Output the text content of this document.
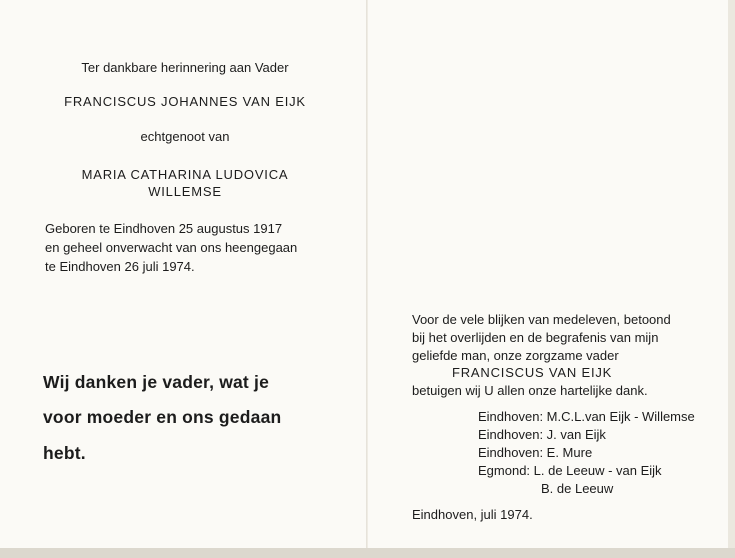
Ter dankbare herinnering aan Vader
FRANCISCUS JOHANNES VAN EIJK
echtgenoot van
MARIA CATHARINA LUDOVICA
WILLEMSE
Geboren te Eindhoven 25 augustus 1917
en geheel onverwacht van ons heengegaan
te Eindhoven 26 juli 1974.
Wij danken je vader, wat je
voor moeder en ons gedaan
hebt.
Voor de vele blijken van medeleven, betoond
bij het overlijden en de begrafenis van mijn
geliefde man, onze zorgzame vader
FRANCISCUS VAN EIJK
betuigen wij U allen onze hartelijke dank.
Eindhoven: M.C.L.van Eijk - Willemse
Eindhoven: J. van Eijk
Eindhoven: E. Mure
Egmond: L. de Leeuw - van Eijk
B. de Leeuw
Eindhoven, juli 1974.
